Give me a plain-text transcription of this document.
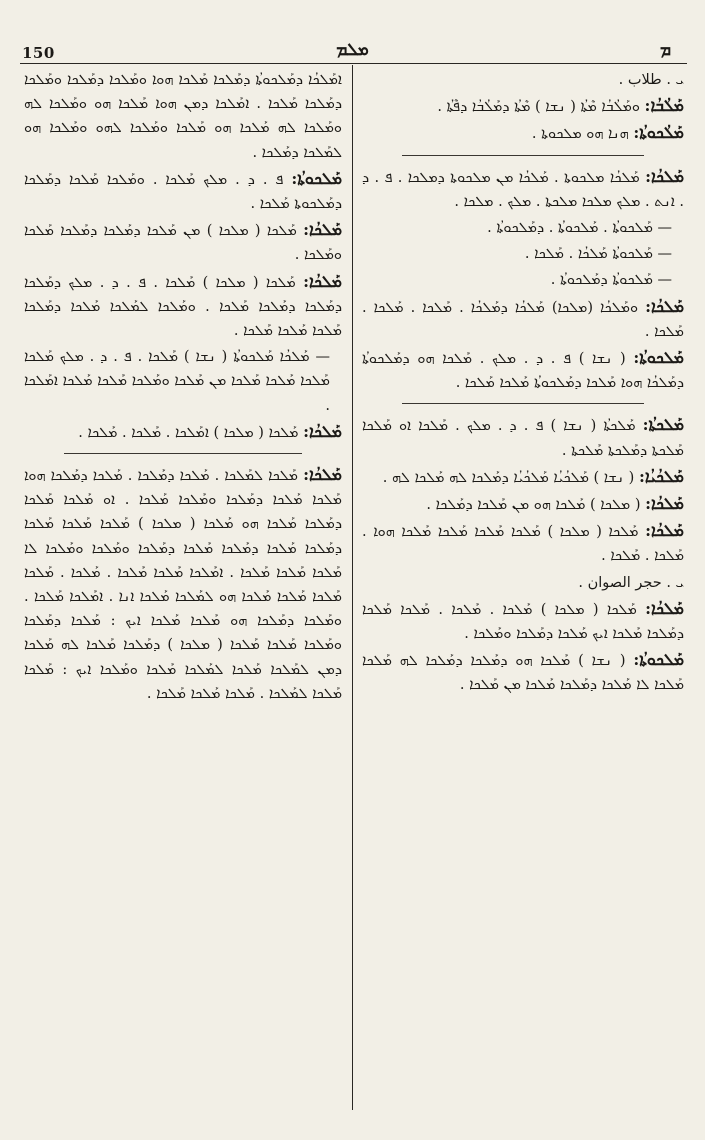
150	ܡܠܡ	ܡ
ܝ . ﻃﻼﺏ .
ܡܰܠܳܒܳܐ: ܘܡܰܠܳܒܳܐ ܡܶܬܳܐ ( ܢܫܐ ) ܡܶܬܳܐ ܕܡܰܠܳܒܳܐ ܕܦܶܬܳܐ .
ܡܰܠܳܟܘܬܳܐ: ܗܢܐ ܗܘ ܡܠܟܘܬܐ .
ܡܰܠܟܳܐ: ܡܰܠܟܳܐ ܡܠܟܘܬܐ . ܡܰܠܟܳܐ ܡܢ ܡܠܟܘܬܐ ܕܡܠܟܐ . ܦ . ܕ . ܐܢܬ . ܡܠܟ ܡܠܟܐ ܡܠܟܬܐ . ܡܠܟ . ܡܠܟܐ .
— ܡܰܠܟܘܬܳܐ . ܡܰܠܟܘܬܳܐ . ܕܡܰܠܟܘܬܳܐ .
— ܡܰܠܟܘܬܳܐ ܡܰܠܟܳܐ . ܡܰܠܟܐ .
— ܡܰܠܟܘܬܳܐ ܕܡܰܠܟܘܬܳܐ .
ܡܰܠܟܳܐ: ܘܡܰܠܟܳܐ (ܡܠܟܐ) ܡܰܠܟܳܐ ܕܡܰܠܟܳܐ . ܡܰܠܟܐ . ܡܰܠܟܐ . ܡܰܠܟܐ .
ܡܰܠܟܘܬܳܐ: ( ܢܫܐ ) ܦ . ܕ . ܡܠܟ . ܡܰܠܟܐ ܗܘ ܕܡܰܠܟܘܬܳܐ ܕܡܰܠܟܳܐ ܗܘܐ ܡܰܠܟܐ ܕܡܰܠܟܘܬܳܐ ܡܰܠܟܐ ܡܰܠܟܐ .
ܡܰܠܟܬܳܐ: ܡܰܠܟܬܳܐ ( ܢܫܐ ) ܦ . ܕ . ܡܠܟ . ܡܰܠܟܐ ܐܘ ܡܰܠܟܐ ܡܰܠܟܬܐ ܕܡܰܠܟܬܐ ܡܰܠܟܬܐ .
ܡܰܠܟܳܝܳܐ: ( ܢܫܐ ) ܡܰܠܟܳܝܳܐ ܡܰܠܟܳܝܳܐ ܕܡܰܠܟܐ ܠܗ ܡܰܠܟܐ ܠܗ .
ܡܰܠܟܳܐ: ( ܡܠܟܐ ) ܡܰܠܟܐ ܗܘ ܡܢ ܡܰܠܟܐ ܕܡܰܠܟܐ .
ܡܰܠܟܳܐ: ܡܰܠܟܐ ( ܡܠܟܐ ) ܡܰܠܟܐ ܡܰܠܟܐ ܡܰܠܟܐ ܡܰܠܟܐ ܗܘܐ . ܡܰܠܟܐ . ܡܰܠܟܐ .
ܝ . ﺣﺠﺮ ﺍﻟﺼﻮﺍﻥ .
ܡܰܠܟܳܐ: ܡܰܠܟܐ ( ܡܠܟܐ ) ܡܰܠܟܐ . ܡܰܠܟܐ . ܡܰܠܟܐ ܡܰܠܟܐ ܕܡܰܠܟܐ ܡܰܠܟܐ ܐܝܟ ܡܰܠܟܐ ܕܡܰܠܟܐ ܘܡܰܠܟܐ .
ܡܰܠܟܘܬܳܐ: ( ܢܫܐ ) ܡܰܠܟܐ ܗܘ ܕܡܰܠܟܐ ܕܡܰܠܟܐ ܠܗ ܡܰܠܟܐ ܡܰܠܟܐ ܠܐ ܡܰܠܟܐ ܕܡܰܠܟܐ ܡܰܠܟܐ ܡܢ ܡܰܠܟܐ .
ܐܡܰܠܟܳܐ ܕܡܰܠܟܘܬܳܐ ܕܡܰܠܟܐ ܡܰܠܟܐ ܗܘܐ ܘܡܰܠܟܐ ܕܡܰܠܟܐ ܘܡܰܠܟܐ ܕܡܰܠܟܐ ܡܰܠܟܐ . ܐܡܰܠܟܐ ܕܡܢ ܗܘܐ ܡܰܠܟܐ ܗܘ ܘܡܰܠܟܐ ܠܗ ܘܡܰܠܟܐ ܠܗ ܡܰܠܟܐ ܗܘ ܡܰܠܟܐ ܘܡܰܠܟܐ ܠܗܘ ܘܡܰܠܟܐ ܗܘ ܠܡܰܠܟܐ ܕܡܰܠܟܐ .
ܡܰܠܟܘܬܳܐ: ܦ . ܕ . ܡܠܟ ܡܰܠܟܐ . ܘܡܰܠܟܐ ܡܰܠܟܐ ܕܡܰܠܟܐ ܕܡܰܠܟܘܬܐ ܡܰܠܟܐ .
ܡܰܠܟܳܐ: ܡܰܠܟܐ ( ܡܠܟܐ ) ܡܢ ܡܰܠܟܐ ܕܡܰܠܟܐ ܕܡܰܠܟܐ ܡܰܠܟܐ ܘܡܰܠܟܐ .
ܡܰܠܟܳܐ: ܡܰܠܟܐ ( ܡܠܟܐ ) ܡܰܠܟܐ . ܦ . ܕ . ܡܠܟ ܕܡܰܠܟܐ ܕܡܰܠܟܐ ܕܡܰܠܟܐ ܡܰܠܟܐ . ܘܡܰܠܟܐ ܠܡܰܠܟܐ ܡܰܠܟܐ ܕܡܰܠܟܐ ܡܰܠܟܐ ܡܰܠܟܐ ܡܰܠܟܐ .
— ܡܰܠܟܳܐ ܡܰܠܟܘܬܳܐ ( ܢܫܐ ) ܡܰܠܟܐ . ܦ . ܕ . ܡܠܟ ܡܰܠܟܐ ܡܰܠܟܐ ܡܰܠܟܐ ܡܰܠܟܐ ܡܢ ܡܰܠܟܐ ܘܡܰܠܟܐ ܡܰܠܟܐ ܡܰܠܟܐ ܐܡܰܠܟܐ .
ܡܰܠܟܳܐ: ܡܰܠܟܐ ( ܡܠܟܐ ) ܐܡܰܠܟܐ . ܡܰܠܟܐ . ܡܰܠܟܐ .
ܡܰܠܟܳܐ: ܡܰܠܟܐ ܠܡܰܠܟܐ . ܡܰܠܟܐ ܕܡܰܠܟܐ . ܡܰܠܟܐ ܕܡܰܠܟܐ ܗܘܐ ܡܰܠܟܐ ܡܰܠܟܐ ܕܡܰܠܟܐ ܘܡܰܠܟܐ ܡܰܠܟܐ . ܐܘ ܡܰܠܟܐ ܡܰܠܟܐ ܕܡܰܠܟܐ ܡܰܠܟܐ ܗܘ ܡܰܠܟܐ ( ܡܠܟܐ ) ܡܰܠܟܐ ܡܰܠܟܐ ܡܰܠܟܐ ܕܡܰܠܟܐ ܡܰܠܟܐ ܕܡܰܠܟܐ ܡܰܠܟܐ ܕܡܰܠܟܐ ܘܡܰܠܟܐ ܘܡܰܠܟܐ ܠܐ ܡܰܠܟܐ ܡܰܠܟܐ ܡܰܠܟܐ . ܐܡܰܠܟܐ ܡܰܠܟܐ ܡܰܠܟܐ . ܡܰܠܟܐ . ܡܰܠܟܐ ܡܰܠܟܐ ܡܰܠܟܐ ܡܰܠܟܐ ܗܘ ܠܡܰܠܟܐ ܡܰܠܟܐ ܐܢܐ . ܐܡܰܠܟܐ ܡܰܠܟܐ . ܘܡܰܠܟܐ ܕܡܰܠܟܐ ܗܘ ܡܰܠܟܐ ܡܰܠܟܐ ܐܝܟ : ܡܰܠܟܐ ܕܡܰܠܟܐ ܘܡܰܠܟܐ ܡܰܠܟܐ ܡܰܠܟܐ ( ܡܠܟܐ ) ܕܡܰܠܟܐ ܡܰܠܟܐ ܠܗ ܡܰܠܟܐ ܕܡܢ ܠܡܰܠܟܐ ܡܰܠܟܐ ܠܡܰܠܟܐ ܡܰܠܟܐ ܘܡܰܠܟܐ ܐܝܟ : ܡܰܠܟܐ ܡܰܠܟܐ ܠܡܰܠܟܐ . ܡܰܠܟܐ ܡܰܠܟܐ ܡܰܠܟܐ .
